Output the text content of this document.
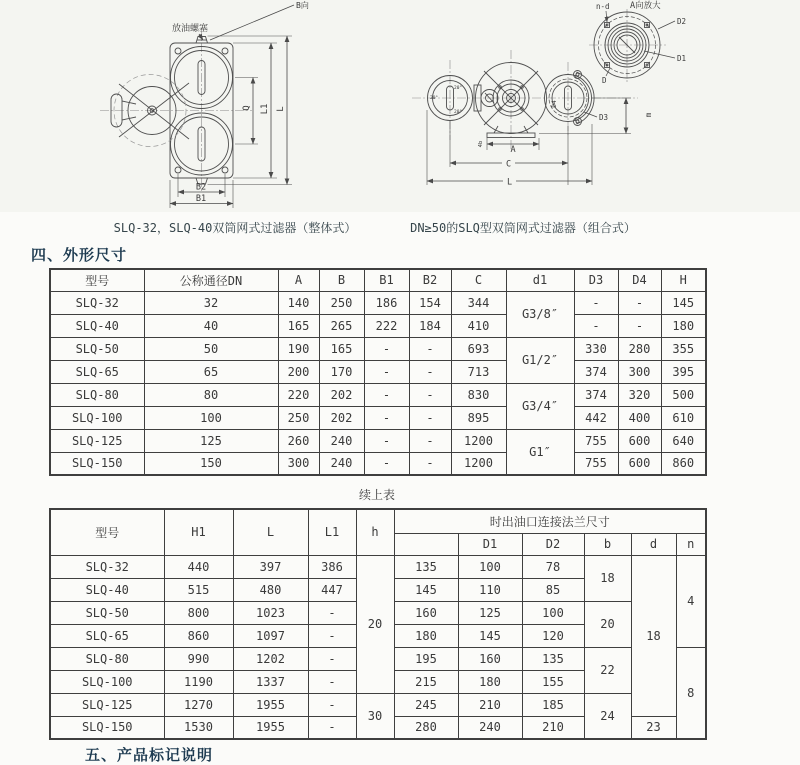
放油螺塞
B向
Q L1 L
B2
B1
20°
20°
20°
D4
D3	m
4b
A
C
L
A向放大
n-d
D2
D1
D
SLQ-32，SLQ-40双筒网式过滤器（整体式）	DN≥50的SLQ型双筒网式过滤器（组合式）
四、外形尺寸
型号	公称通径DN	A	B	B1	B2	C	d1	D3	D4	H
SLQ-32	32	140	250	186	154	344	G3/8″	-	-	145
SLQ-40	40	165	265	222	184	410		-	-	180
SLQ-50	50	190	165	-	-	693	G1/2″	330	280	355
SLQ-65	65	200	170	-	-	713		374	300	395
SLQ-80	80	220	202	-	-	830	G3/4″	374	320	500
SLQ-100	100	250	202	-	-	895		442	400	610
SLQ-125	125	260	240	-	-	1200	G1″	755	600	640
SLQ-150	150	300	240	-	-	1200		755	600	860
续上表
型号	H1	L	L1	h	时出油口连接法兰尺寸					
						D1	D2	b	d	n
SLQ-32	440	397	386	20	135	100	78	18	18	4
SLQ-40	515	480	447		145	110	85			
SLQ-50	800	1023	-		160	125	100	20		
SLQ-65	860	1097	-		180	145	120			
SLQ-80	990	1202	-		195	160	135	22		8
SLQ-100	1190	1337	-		215	180	155			
SLQ-125	1270	1955	-	30	245	210	185	24		
SLQ-150	1530	1955	-		280	240	210		23	
五、产品标记说明
